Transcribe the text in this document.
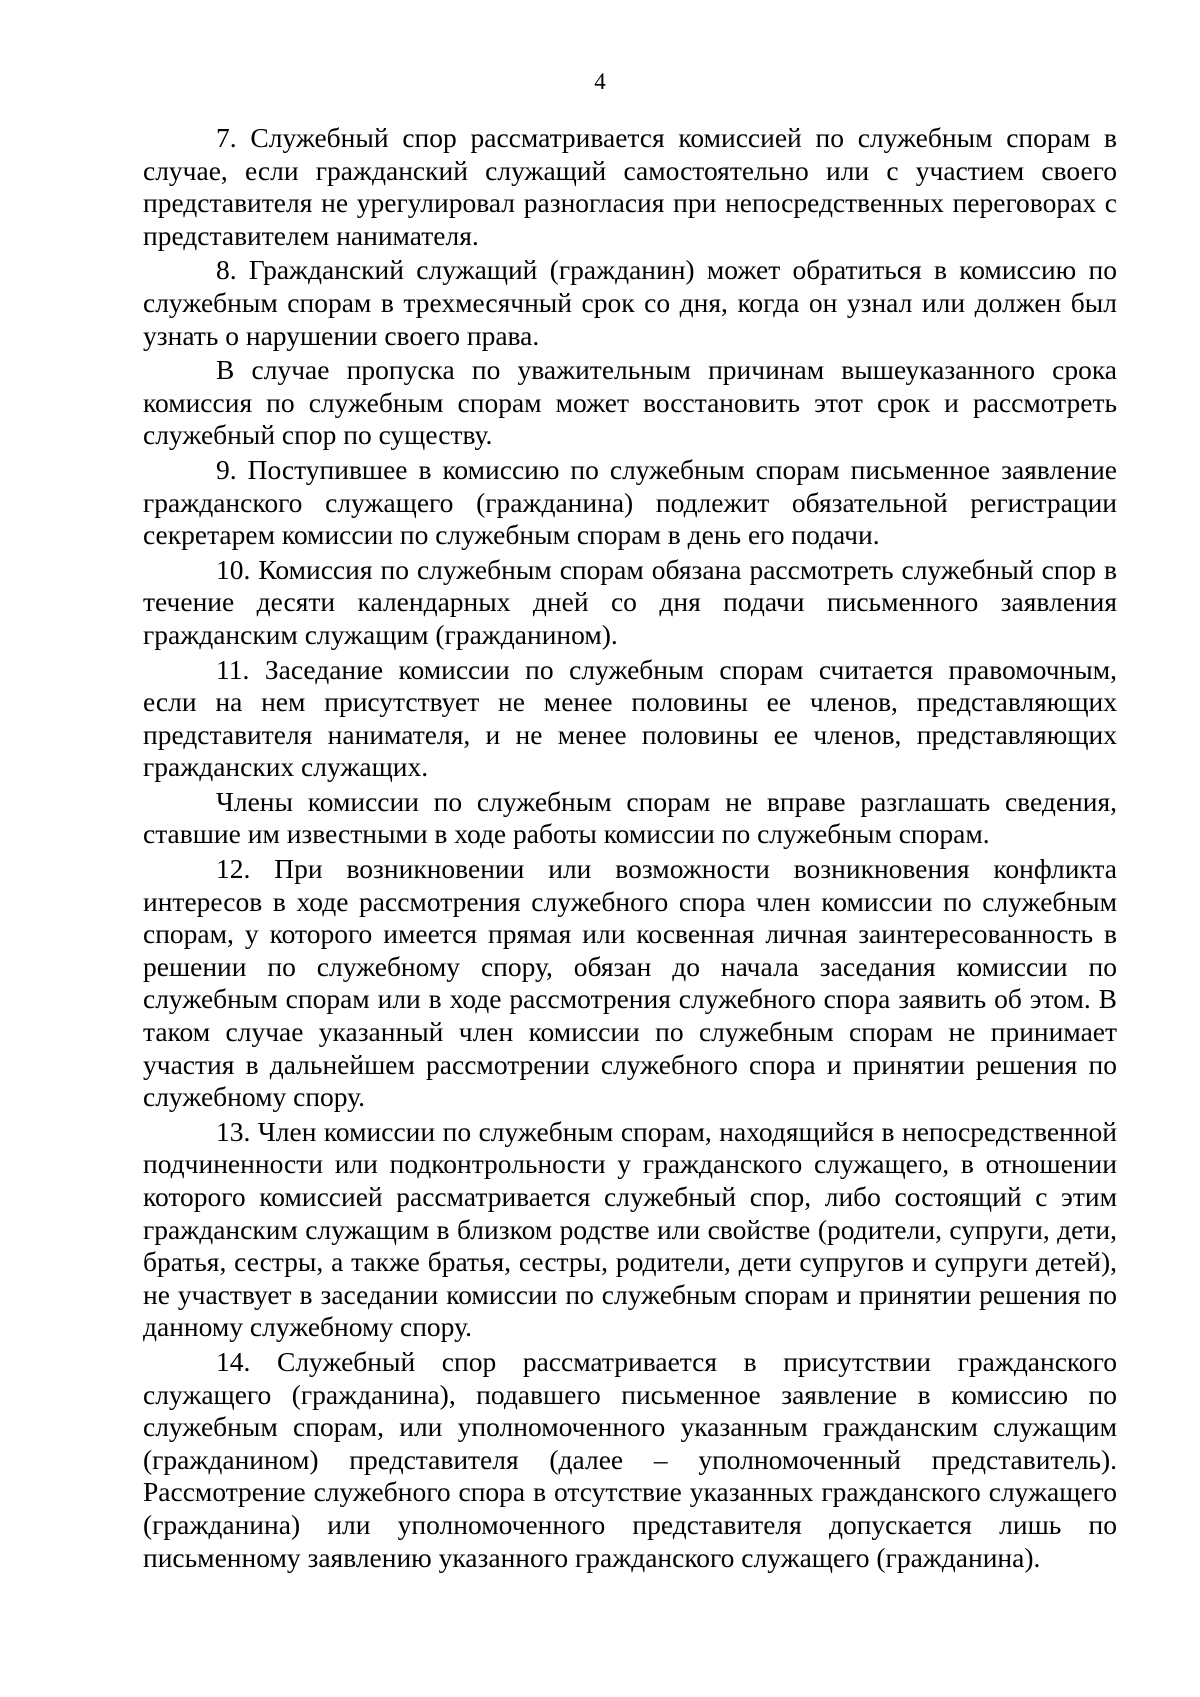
4

7. Служебный спор рассматривается комиссией по служебным спорам в случае, если гражданский служащий самостоятельно или с участием своего представителя не урегулировал разногласия при непосредственных переговорах с представителем нанимателя.

8. Гражданский служащий (гражданин) может обратиться в комиссию по служебным спорам в трехмесячный срок со дня, когда он узнал или должен был узнать о нарушении своего права.

В случае пропуска по уважительным причинам вышеуказанного срока комиссия по служебным спорам может восстановить этот срок и рассмотреть служебный спор по существу.

9. Поступившее в комиссию по служебным спорам письменное заявление гражданского служащего (гражданина) подлежит обязательной регистрации секретарем комиссии по служебным спорам в день его подачи.

10. Комиссия по служебным спорам обязана рассмотреть служебный спор в течение десяти календарных дней со дня подачи письменного заявления гражданским служащим (гражданином).

11. Заседание комиссии по служебным спорам считается правомочным, если на нем присутствует не менее половины ее членов, представляющих представителя нанимателя, и не менее половины ее членов, представляющих гражданских служащих.

Члены комиссии по служебным спорам не вправе разглашать сведения, ставшие им известными в ходе работы комиссии по служебным спорам.

12. При возникновении или возможности возникновения конфликта интересов в ходе рассмотрения служебного спора член комиссии по служебным спорам, у которого имеется прямая или косвенная личная заинтересованность в решении по служебному спору, обязан до начала заседания комиссии по служебным спорам или в ходе рассмотрения служебного спора заявить об этом. В таком случае указанный член комиссии по служебным спорам не принимает участия в дальнейшем рассмотрении служебного спора и принятии решения по служебному спору.

13. Член комиссии по служебным спорам, находящийся в непосредственной подчиненности или подконтрольности у гражданского служащего, в отношении которого комиссией рассматривается служебный спор, либо состоящий с этим гражданским служащим в близком родстве или свойстве (родители, супруги, дети, братья, сестры, а также братья, сестры, родители, дети супругов и супруги детей), не участвует в заседании комиссии по служебным спорам и принятии решения по данному служебному спору.

14. Служебный спор рассматривается в присутствии гражданского служащего (гражданина), подавшего письменное заявление в комиссию по служебным спорам, или уполномоченного указанным гражданским служащим (гражданином) представителя (далее – уполномоченный представитель). Рассмотрение служебного спора в отсутствие указанных гражданского служащего (гражданина) или уполномоченного представителя допускается лишь по письменному заявлению указанного гражданского служащего (гражданина).
